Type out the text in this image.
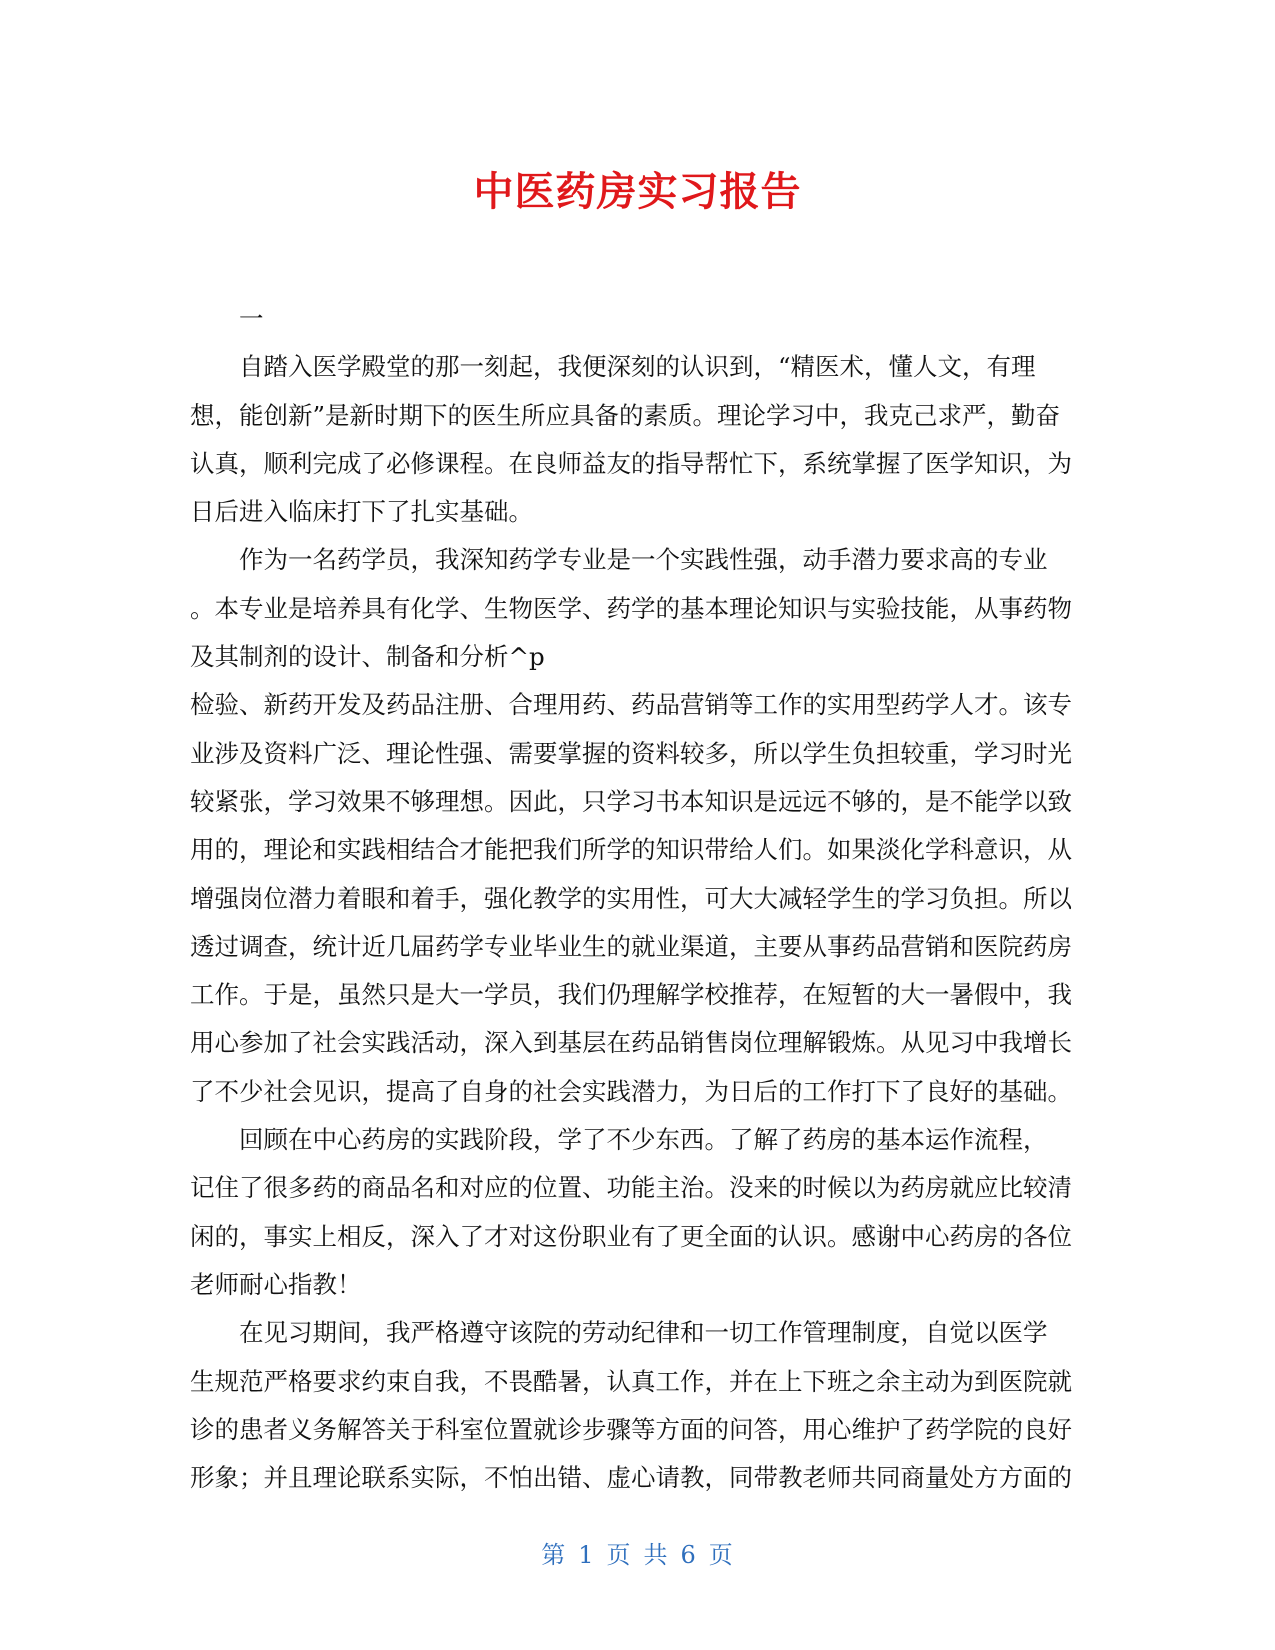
中医药房实习报告

一

自踏入医学殿堂的那一刻起，我便深刻的认识到，“精医术，懂人文，有理
想，能创新”是新时期下的医生所应具备的素质。理论学习中，我克己求严，勤奋
认真，顺利完成了必修课程。在良师益友的指导帮忙下，系统掌握了医学知识，为
日后进入临床打下了扎实基础。

作为一名药学员，我深知药学专业是一个实践性强，动手潜力要求高的专业
。本专业是培养具有化学、生物医学、药学的基本理论知识与实验技能，从事药物
及其制剂的设计、制备和分析^p

检验、新药开发及药品注册、合理用药、药品营销等工作的实用型药学人才。该专
业涉及资料广泛、理论性强、需要掌握的资料较多，所以学生负担较重，学习时光
较紧张，学习效果不够理想。因此，只学习书本知识是远远不够的，是不能学以致
用的，理论和实践相结合才能把我们所学的知识带给人们。如果淡化学科意识，从
增强岗位潜力着眼和着手，强化教学的实用性，可大大减轻学生的学习负担。所以
透过调查，统计近几届药学专业毕业生的就业渠道，主要从事药品营销和医院药房
工作。于是，虽然只是大一学员，我们仍理解学校推荐，在短暂的大一暑假中，我
用心参加了社会实践活动，深入到基层在药品销售岗位理解锻炼。从见习中我增长
了不少社会见识，提高了自身的社会实践潜力，为日后的工作打下了良好的基础。

回顾在中心药房的实践阶段，学了不少东西。了解了药房的基本运作流程，
记住了很多药的商品名和对应的位置、功能主治。没来的时候以为药房就应比较清
闲的，事实上相反，深入了才对这份职业有了更全面的认识。感谢中心药房的各位
老师耐心指教！

在见习期间，我严格遵守该院的劳动纪律和一切工作管理制度，自觉以医学
生规范严格要求约束自我，不畏酷暑，认真工作，并在上下班之余主动为到医院就
诊的患者义务解答关于科室位置就诊步骤等方面的问答，用心维护了药学院的良好
形象；并且理论联系实际，不怕出错、虚心请教，同带教老师共同商量处方方面的

第 1 页 共 6 页
